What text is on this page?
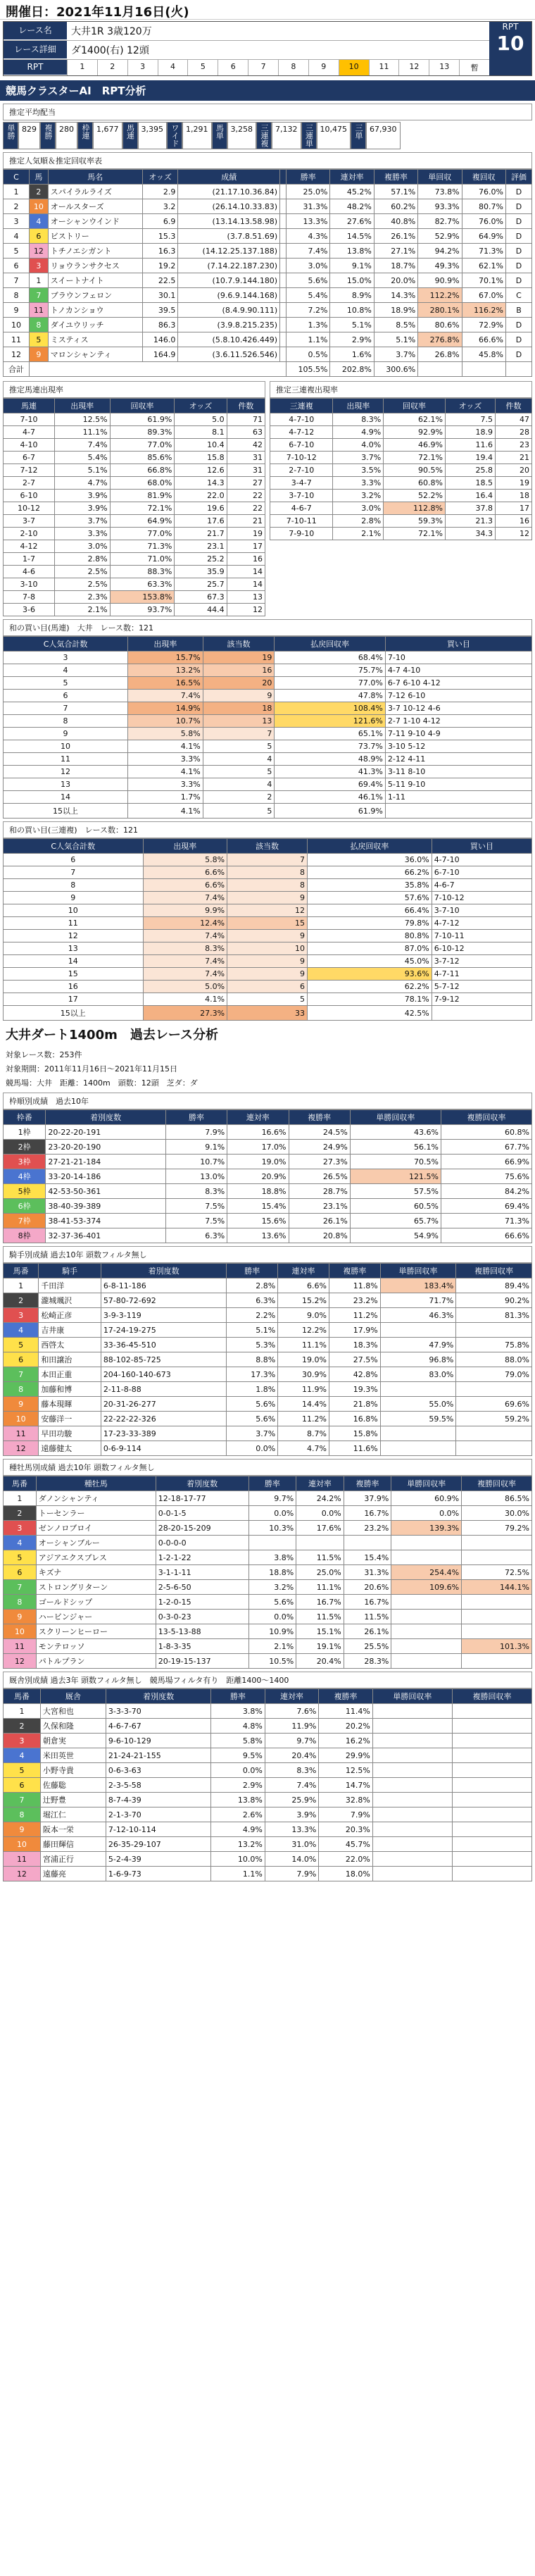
開催日：2021年11月16日(火)
レース名	大井1R 3歳120万
レース詳細	ダ1400(右) 12頭
RPT	1	2	3	4	5	6	7	8	9	10	11	12	13	暫
RPT
10
競馬クラスターAI　RPT分析
推定平均配当
単勝 829 複勝 280 枠連 1,677 馬連 3,395 ワイド 1,291 馬単 3,258 三連複 7,132 三連単 10,475 三単 67,930
推定人気順＆推定回収率表
C	馬	馬名	オッズ	成績		勝率	連対率	複勝率	単回収	複回収	評価
1	2	スパイラルライズ	2.9	(21.17.10.36.84)		25.0%	45.2%	57.1%	73.8%	76.0%	D
2	10	オールスターズ	3.2	(26.14.10.33.83)		31.3%	48.2%	60.2%	93.3%	80.7%	D
3	4	オーシャンウインド	6.9	(13.14.13.58.98)		13.3%	27.6%	40.8%	82.7%	76.0%	D
4	6	ビストリー	15.3	(3.7.8.51.69)		4.3%	14.5%	26.1%	52.9%	64.9%	D
5	12	トチノエシガント	16.3	(14.12.25.137.188)		7.4%	13.8%	27.1%	94.2%	71.3%	D
6	3	リョウランサクセス	19.2	(7.14.22.187.230)		3.0%	9.1%	18.7%	49.3%	62.1%	D
7	1	スイートナイト	22.5	(10.7.9.144.180)		5.6%	15.0%	20.0%	90.9%	70.1%	D
8	7	ブラウンフェロン	30.1	(9.6.9.144.168)		5.4%	8.9%	14.3%	112.2%	67.0%	C
9	11	トノカンショウ	39.5	(8.4.9.90.111)		7.2%	10.8%	18.9%	280.1%	116.2%	B
10	8	ダイユウリッチ	86.3	(3.9.8.215.235)		1.3%	5.1%	8.5%	80.6%	72.9%	D
11	5	ミスティス	146.0	(5.8.10.426.449)		1.1%	2.9%	5.1%	276.8%	66.6%	D
12	9	マロンシャンティ	164.9	(3.6.11.526.546)		0.5%	1.6%	3.7%	26.8%	45.8%	D
合計						105.5%	202.8%	300.6%			
推定馬連出現率
馬連	出現率	回収率	オッズ	件数
7-10	12.5%	61.9%	5.0	71
4-7	11.1%	89.3%	8.1	63
4-10	7.4%	77.0%	10.4	42
6-7	5.4%	85.6%	15.8	31
7-12	5.1%	66.8%	12.6	31
2-7	4.7%	68.0%	14.3	27
6-10	3.9%	81.9%	22.0	22
10-12	3.9%	72.1%	19.6	22
3-7	3.7%	64.9%	17.6	21
2-10	3.3%	77.0%	21.7	19
4-12	3.0%	71.3%	23.1	17
1-7	2.8%	71.0%	25.2	16
4-6	2.5%	88.3%	35.9	14
3-10	2.5%	63.3%	25.7	14
7-8	2.3%	153.8%	67.3	13
3-6	2.1%	93.7%	44.4	12
推定三連複出現率
三連複	出現率	回収率	オッズ	件数
4-7-10	8.3%	62.1%	7.5	47
4-7-12	4.9%	92.9%	18.9	28
6-7-10	4.0%	46.9%	11.6	23
7-10-12	3.7%	72.1%	19.4	21
2-7-10	3.5%	90.5%	25.8	20
3-4-7	3.3%	60.8%	18.5	19
3-7-10	3.2%	52.2%	16.4	18
4-6-7	3.0%	112.8%	37.8	17
7-10-11	2.8%	59.3%	21.3	16
7-9-10	2.1%	72.1%	34.3	12
和の買い目(馬連)　大井　レース数：121
C人気合計数	出現率	該当数	払戻回収率	買い目
3	15.7%	19	68.4%	7-10
4	13.2%	16	75.7%	4-7 4-10
5	16.5%	20	77.0%	6-7 6-10 4-12
6	7.4%	9	47.8%	7-12 6-10
7	14.9%	18	108.4%	3-7 10-12 4-6
8	10.7%	13	121.6%	2-7 1-10 4-12
9	5.8%	7	65.1%	7-11 9-10 4-9
10	4.1%	5	73.7%	3-10 5-12
11	3.3%	4	48.9%	2-12 4-11
12	4.1%	5	41.3%	3-11 8-10
13	3.3%	4	69.4%	5-11 9-10
14	1.7%	2	46.1%	1-11
15以上	4.1%	5	61.9%	
和の買い目(三連複)　レース数：121
C人気合計数	出現率	該当数	払戻回収率	買い目
6	5.8%	7	36.0%	4-7-10
7	6.6%	8	66.2%	6-7-10
8	6.6%	8	35.8%	4-6-7
9	7.4%	9	57.6%	7-10-12
10	9.9%	12	66.4%	3-7-10
11	12.4%	15	79.8%	4-7-12
12	7.4%	9	80.8%	7-10-11
13	8.3%	10	87.0%	6-10-12
14	7.4%	9	45.0%	3-7-12
15	7.4%	9	93.6%	4-7-11
16	5.0%	6	62.2%	5-7-12
17	4.1%	5	78.1%	7-9-12
15以上	27.3%	33	42.5%	
大井ダート1400m　過去レース分析
対象レース数：253件
対象期間：2011年11月16日〜2021年11月15日
競馬場：大井　距離：1400m　頭数：12頭　芝ダ：ダ
枠順別成績　過去10年
枠番	着別度数	勝率	連対率	複勝率	単勝回収率	複勝回収率
1枠	20-22-20-191	7.9%	16.6%	24.5%	43.6%	60.8%
2枠	23-20-20-190	9.1%	17.0%	24.9%	56.1%	67.7%
3枠	27-21-21-184	10.7%	19.0%	27.3%	70.5%	66.9%
4枠	33-20-14-186	13.0%	20.9%	26.5%	121.5%	75.6%
5枠	42-53-50-361	8.3%	18.8%	28.7%	57.5%	84.2%
6枠	38-40-39-389	7.5%	15.4%	23.1%	60.5%	69.4%
7枠	38-41-53-374	7.5%	15.6%	26.1%	65.7%	71.3%
8枠	32-37-36-401	6.3%	13.6%	20.8%	54.9%	66.6%
騎手別成績 過去10年 頭数フィルタ無し
馬番	騎手	着別度数	勝率	連対率	複勝率	単勝回収率	複勝回収率
1	千田洋	6-8-11-186	2.8%	6.6%	11.8%	183.4%	89.4%
2	瀧城颯沢	57-80-72-692	6.3%	15.2%	23.2%	71.7%	90.2%
3	松崎正彦	3-9-3-119	2.2%	9.0%	11.2%	46.3%	81.3%
4	吉井康	17-24-19-275	5.1%	12.2%	17.9%		
5	西啓太	33-36-45-510	5.3%	11.1%	18.3%	47.9%	75.8%
6	和田譲治	88-102-85-725	8.8%	19.0%	27.5%	96.8%	88.0%
7	本田正重	204-160-140-673	17.3%	30.9%	42.8%	83.0%	79.0%
8	加藤和博	2-11-8-88	1.8%	11.9%	19.3%		
9	藤本現暉	20-31-26-277	5.6%	14.4%	21.8%	55.0%	69.6%
10	安藤洋一	22-22-22-326	5.6%	11.2%	16.8%	59.5%	59.2%
11	早田功駿	17-23-33-389	3.7%	8.7%	15.8%		
12	遠藤健太	0-6-9-114	0.0%	4.7%	11.6%		
種牡馬別成績 過去10年 頭数フィルタ無し
馬番	種牡馬	着別度数	勝率	連対率	複勝率	単勝回収率	複勝回収率
1	ダノンシャンティ	12-18-17-77	9.7%	24.2%	37.9%	60.9%	86.5%
2	トーセンラー	0-0-1-5	0.0%	0.0%	16.7%	0.0%	30.0%
3	ゼンノロブロイ	28-20-15-209	10.3%	17.6%	23.2%	139.3%	79.2%
4	オーシャンブルー	0-0-0-0					
5	アジアエクスプレス	1-2-1-22	3.8%	11.5%	15.4%		
6	キズナ	3-1-1-11	18.8%	25.0%	31.3%	254.4%	72.5%
7	ストロングリターン	2-5-6-50	3.2%	11.1%	20.6%	109.6%	144.1%
8	ゴールドシップ	1-2-0-15	5.6%	16.7%	16.7%		
9	ハービンジャー	0-3-0-23	0.0%	11.5%	11.5%		
10	スクリーンヒーロー	13-5-13-88	10.9%	15.1%	26.1%		
11	モンテロッソ	1-8-3-35	2.1%	19.1%	25.5%		101.3%
12	パトルプラン	20-19-15-137	10.5%	20.4%	28.3%		
厩舎別成績 過去3年 頭数フィルタ無し　競馬場フィルタ有り　距離1400〜1400
馬番	厩舎	着別度数	勝率	連対率	複勝率	単勝回収率	複勝回収率
1	大宮和也	3-3-3-70	3.8%	7.6%	11.4%		
2	久保和隆	4-6-7-67	4.8%	11.9%	20.2%		
3	朝倉実	9-6-10-129	5.8%	9.7%	16.2%		
4	米田英世	21-24-21-155	9.5%	20.4%	29.9%		
5	小野寺貴	0-6-3-63	0.0%	8.3%	12.5%		
6	佐藤聡	2-3-5-58	2.9%	7.4%	14.7%		
7	辻野豊	8-7-4-39	13.8%	25.9%	32.8%		
8	堀江仁	2-1-3-70	2.6%	3.9%	7.9%		
9	阪本一栄	7-12-10-114	4.9%	13.3%	20.3%		
10	藤田輝信	26-35-29-107	13.2%	31.0%	45.7%		
11	宮浦正行	5-2-4-39	10.0%	14.0%	22.0%		
12	遠藤亮	1-6-9-73	1.1%	7.9%	18.0%		
